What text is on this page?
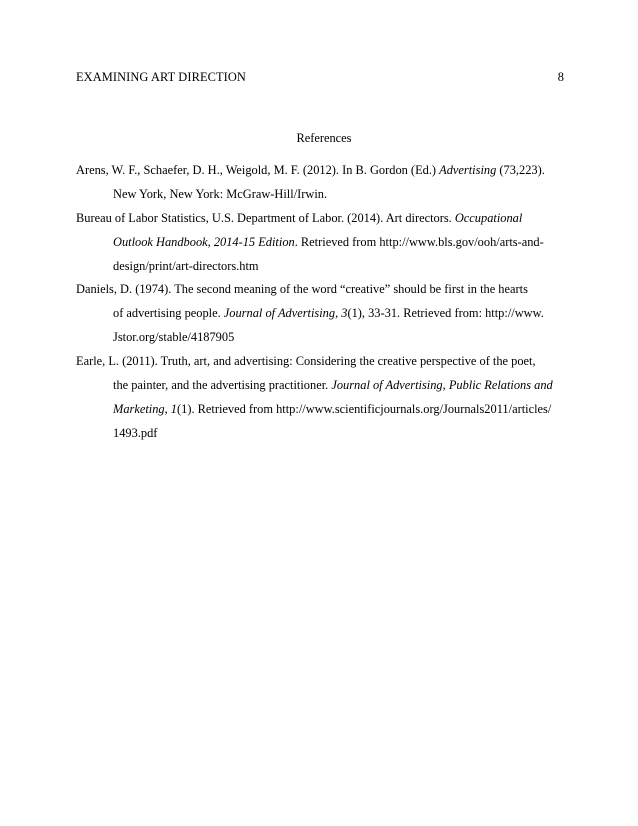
EXAMINING ART DIRECTION	8
References
Arens, W. F., Schaefer, D. H., Weigold, M. F. (2012). In B. Gordon (Ed.) Advertising (73,223).
New York, New York: McGraw-Hill/Irwin.
Bureau of Labor Statistics, U.S. Department of Labor. (2014). Art directors. Occupational
Outlook Handbook, 2014-15 Edition. Retrieved from http://www.bls.gov/ooh/arts-and-
design/print/art-directors.htm
Daniels, D. (1974). The second meaning of the word “creative” should be first in the hearts
of advertising people. Journal of Advertising, 3(1), 33-31. Retrieved from: http://www.
Jstor.org/stable/4187905
Earle, L. (2011). Truth, art, and advertising: Considering the creative perspective of the poet,
the painter, and the advertising practitioner. Journal of Advertising, Public Relations and
Marketing, 1(1). Retrieved from http://www.scientificjournals.org/Journals2011/articles/
1493.pdf
